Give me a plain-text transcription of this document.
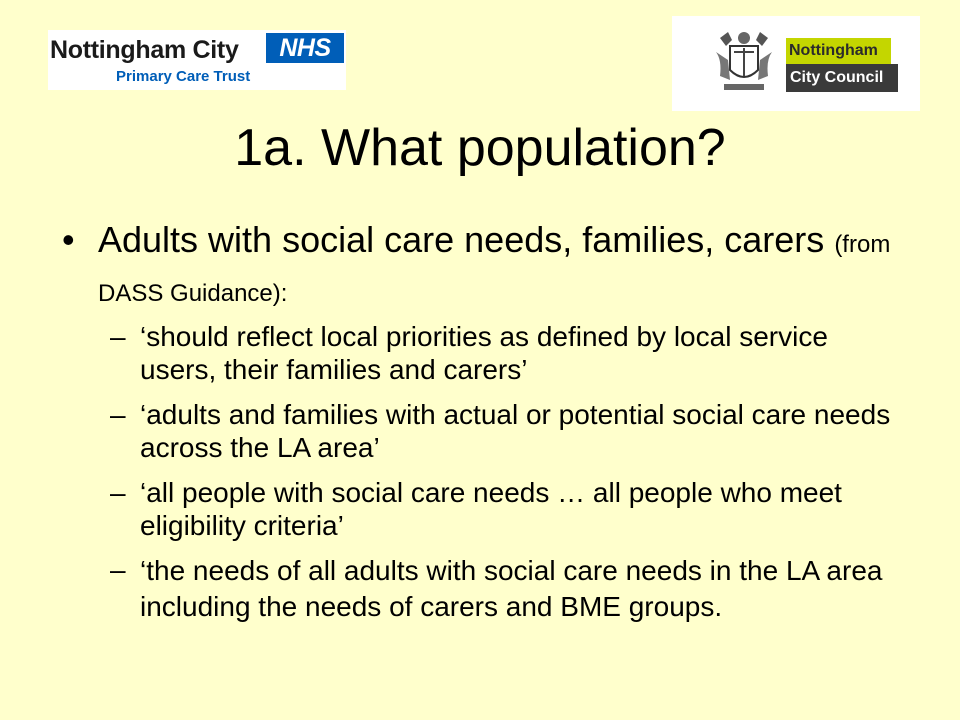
Nottingham City	NHS
Primary Care Trust
Nottingham
City Council
1a. What population?
• Adults with social care needs, families, carers (from DASS Guidance):
– ‘should reflect local priorities as defined by local service users, their families and carers’
– ‘adults and families with actual or potential social care needs across the LA area’
– ‘all people with social care needs … all people who meet eligibility criteria’
– ‘the needs of all adults with social care needs in the LA area including the needs of carers and BME groups.
